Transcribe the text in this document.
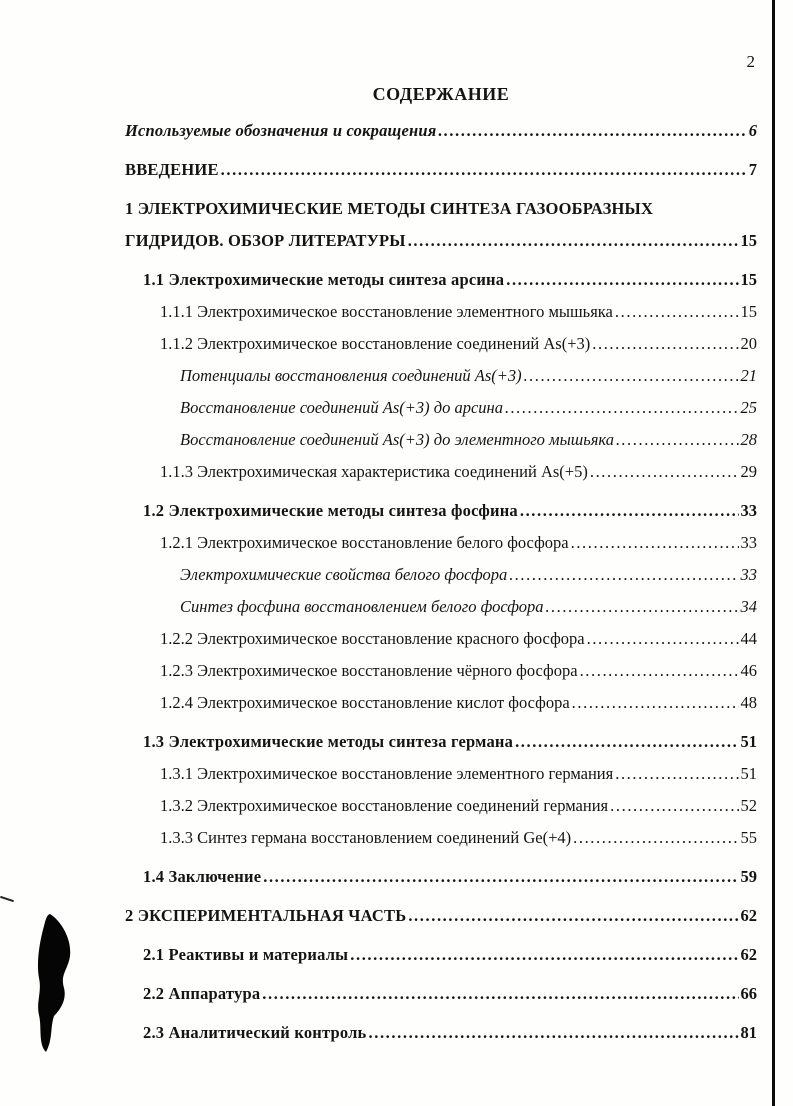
2
СОДЕРЖАНИЕ
Используемые обозначения и сокращения .....	6
ВВЕДЕНИЕ .....	7
1 ЭЛЕКТРОХИМИЧЕСКИЕ МЕТОДЫ СИНТЕЗА ГАЗООБРАЗНЫХ
ГИДРИДОВ. ОБЗОР ЛИТЕРАТУРЫ .....	15
1.1 Электрохимические методы синтеза арсина .....	15
1.1.1 Электрохимическое восстановление элементного мышьяка .....	15
1.1.2 Электрохимическое восстановление соединений As(+3) .....	20
Потенциалы восстановления соединений As(+3) .....	21
Восстановление соединений As(+3) до арсина .....	25
Восстановление соединений As(+3) до элементного мышьяка .....	28
1.1.3 Электрохимическая характеристика соединений As(+5) .....	29
1.2 Электрохимические методы синтеза фосфина .....	33
1.2.1 Электрохимическое восстановление белого фосфора .....	33
Электрохимические свойства белого фосфора .....	33
Синтез фосфина восстановлением белого фосфора .....	34
1.2.2 Электрохимическое восстановление красного фосфора .....	44
1.2.3 Электрохимическое восстановление чёрного фосфора .....	46
1.2.4 Электрохимическое восстановление кислот фосфора .....	48
1.3 Электрохимические методы синтеза германа .....	51
1.3.1 Электрохимическое восстановление элементного германия .....	51
1.3.2 Электрохимическое восстановление соединений германия .....	52
1.3.3 Синтез германа восстановлением соединений Ge(+4) .....	55
1.4 Заключение .....	59
2 ЭКСПЕРИМЕНТАЛЬНАЯ ЧАСТЬ .....	62
2.1 Реактивы и материалы .....	62
2.2 Аппаратура .....	66
2.3 Аналитический контроль .....	81
